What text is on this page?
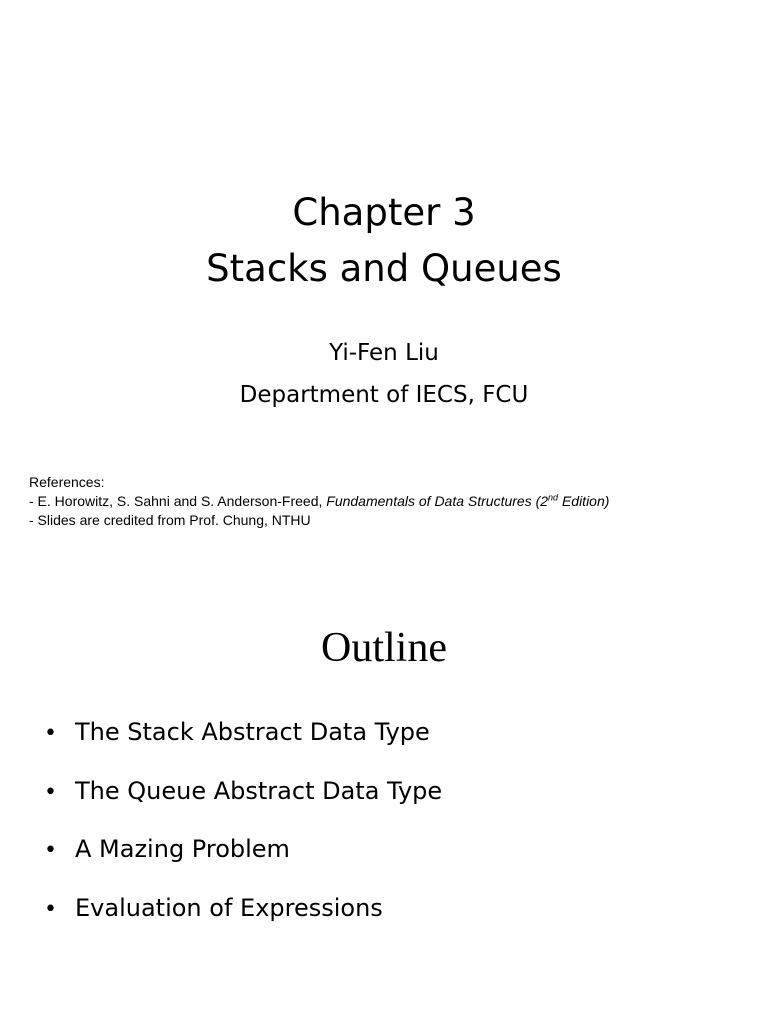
Chapter 3
Stacks and Queues
Yi-Fen Liu
Department of IECS, FCU
References:
- E. Horowitz, S. Sahni and S. Anderson-Freed, Fundamentals of Data Structures (2nd Edition)
- Slides are credited from Prof. Chung, NTHU
Outline
• The Stack Abstract Data Type
• The Queue Abstract Data Type
• A Mazing Problem
• Evaluation of Expressions
